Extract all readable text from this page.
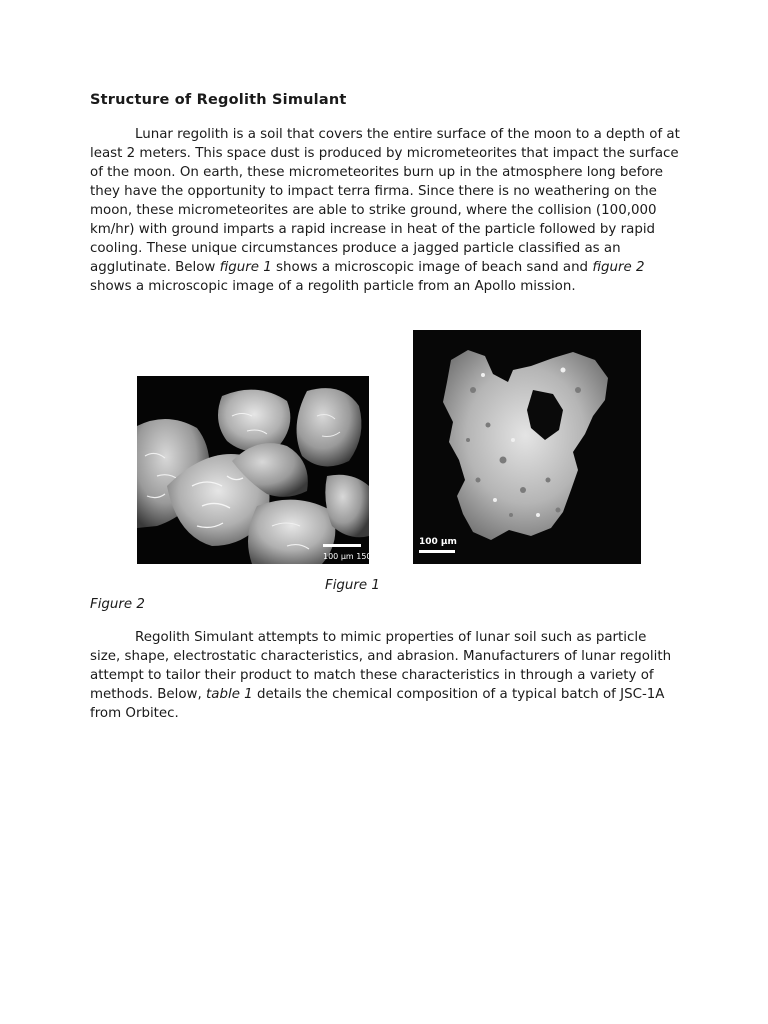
Structure of Regolith Simulant

Lunar regolith is a soil that covers the entire surface of the moon to a depth of at least 2 meters. This space dust is produced by micrometeorites that impact the surface of the moon. On earth, these micrometeorites burn up in the atmosphere long before they have the opportunity to impact terra firma. Since there is no weathering on the moon, these micrometeorites are able to strike ground, where the collision (100,000 km/hr) with ground imparts a rapid increase in heat of the particle followed by rapid cooling. These unique circumstances produce a jagged particle classified as an agglutinate. Below figure 1 shows a microscopic image of beach sand and figure 2 shows a microscopic image of a regolith particle from an Apollo mission.

100 µm 150x
100 µm

Figure 1

Figure 2

Regolith Simulant attempts to mimic properties of lunar soil such as particle size, shape, electrostatic characteristics, and abrasion. Manufacturers of lunar regolith attempt to tailor their product to match these characteristics in through a variety of methods. Below, table 1 details the chemical composition of a typical batch of JSC-1A from Orbitec.
